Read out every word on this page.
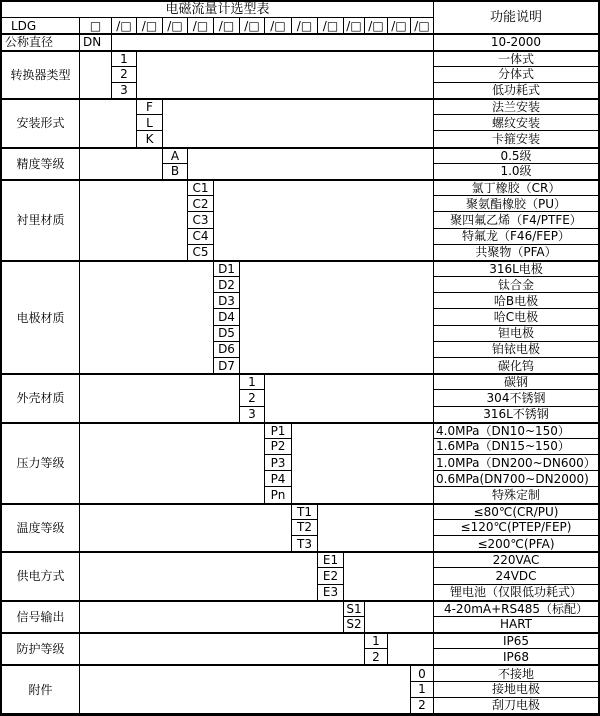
电磁流量计选型表
功能说明
LDG	□	/□ /□ /□ /□ /□ /□ /□ /□ /□ /□ /□ /□ /□
公称直径	DN	10-2000
转换器类型
1	一体式
2	分体式
3	低功耗式
安装形式
F	法兰安装
L	螺纹安装
K	卡箍安装
精度等级
A	0.5级
B	1.0级
衬里材质
C1	氯丁橡胶（CR）
C2	聚氨酯橡胶（PU）
C3	聚四氟乙烯（F4/PTFE）
C4	特氟龙（F46/FEP）
C5	共聚物（PFA）
电极材质
D1	316L电极
D2	钛合金
D3	哈B电极
D4	哈C电极
D5	钽电极
D6	铂铱电极
D7	碳化钨
外壳材质
1	碳钢
2	304不锈钢
3	316L不锈钢
压力等级
P1	4.0MPa（DN10~150）
P2	1.6MPa（DN15~150）
P3	1.0MPa（DN200~DN600）
P4	0.6MPa(DN700~DN2000)
Pn	特殊定制
温度等级
T1	≤80℃(CR/PU)
T2	≤120℃(PTEP/FEP)
T3	≤200℃(PFA)
供电方式
E1	220VAC
E2	24VDC
E3	锂电池（仅限低功耗式）
信号输出
S1	4-20mA+RS485（标配）
S2	HART
防护等级
1	IP65
2	IP68
附件
0	不接地
1	接地电极
2	刮刀电极
